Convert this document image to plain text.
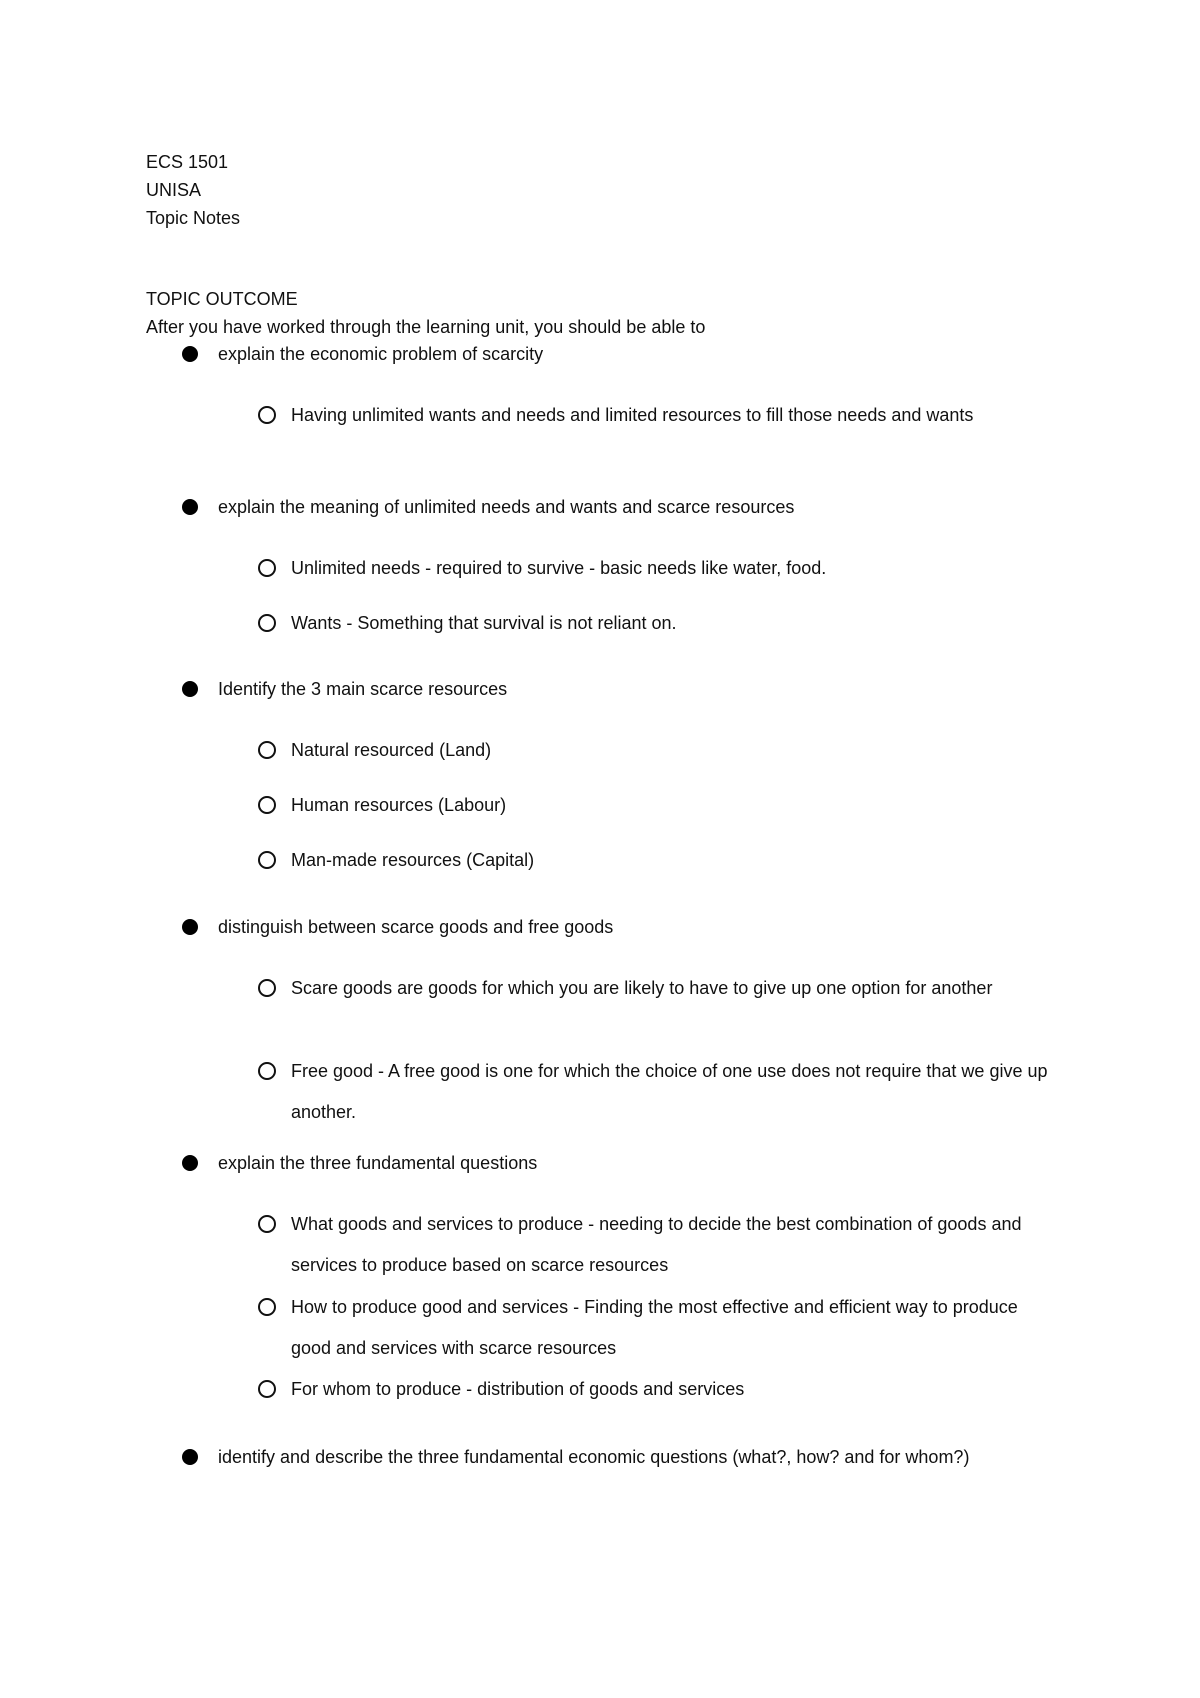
ECS 1501
UNISA
Topic Notes
TOPIC OUTCOME
After you have worked through the learning unit, you should be able to
explain the economic problem of scarcity
Having unlimited wants and needs and limited resources to fill those needs and wants
explain the meaning of unlimited needs and wants and scarce resources
Unlimited needs - required to survive - basic needs like water, food.
Wants - Something that survival is not reliant on.
Identify the 3 main scarce resources
Natural resourced (Land)
Human resources (Labour)
Man-made resources (Capital)
distinguish between scarce goods and free goods
Scare goods are goods for which you are likely to have to give up one option for another
Free good - A free good is one for which the choice of one use does not require that we give up another.
explain the three fundamental questions
What goods and services to produce - needing to decide the best combination of goods and services to produce based on scarce resources
How to produce good and services - Finding the most effective and efficient way to produce good and services with scarce resources
For whom to produce - distribution of goods and services
identify and describe the three fundamental economic questions (what?, how? and for whom?)
